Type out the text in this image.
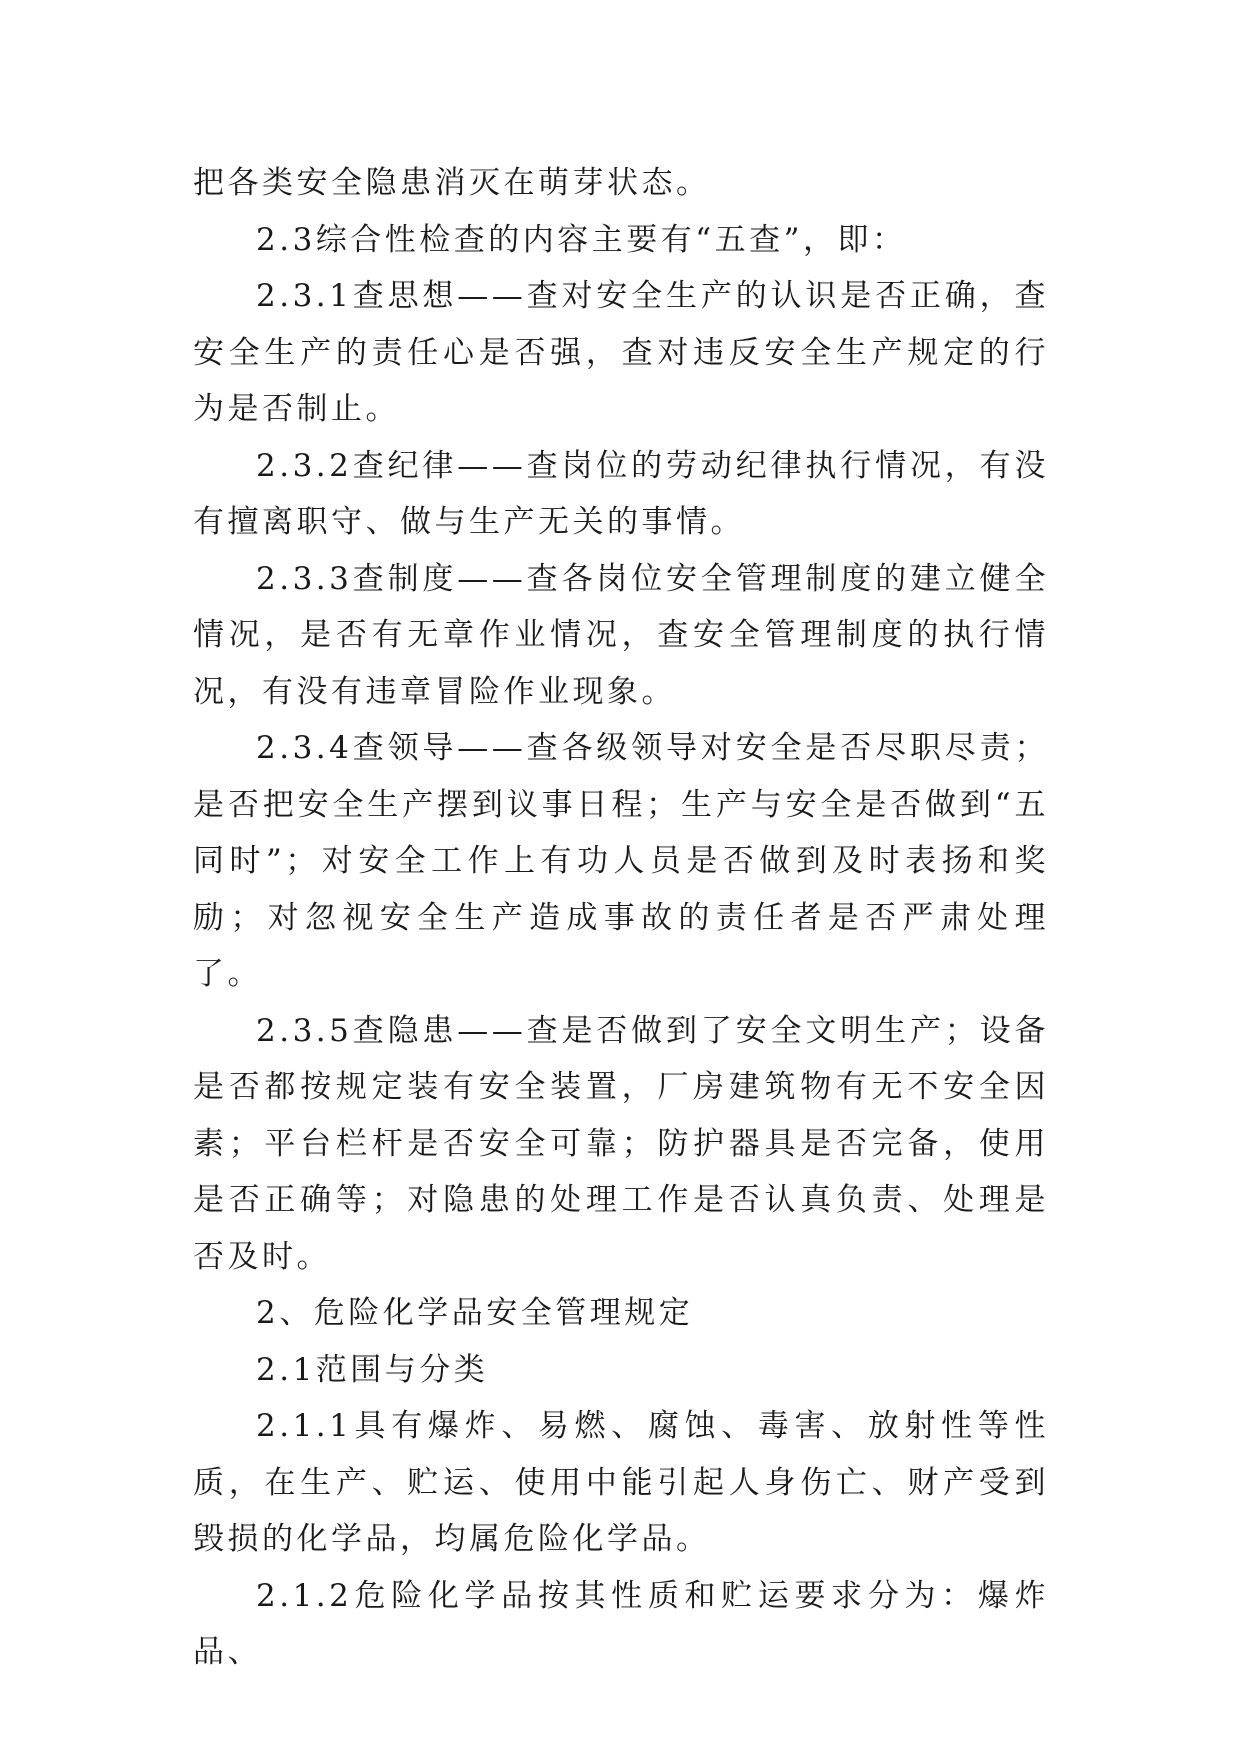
把各类安全隐患消灭在萌芽状态。

2.3综合性检查的内容主要有“五查”，即：

2.3.1查思想——查对安全生产的认识是否正确，查安全生产的责任心是否强，查对违反安全生产规定的行为是否制止。

2.3.2查纪律——查岗位的劳动纪律执行情况，有没有擅离职守、做与生产无关的事情。

2.3.3查制度——查各岗位安全管理制度的建立健全情况，是否有无章作业情况，查安全管理制度的执行情况，有没有违章冒险作业现象。

2.3.4查领导——查各级领导对安全是否尽职尽责；是否把安全生产摆到议事日程；生产与安全是否做到“五同时”；对安全工作上有功人员是否做到及时表扬和奖励；对忽视安全生产造成事故的责任者是否严肃处理了。

2.3.5查隐患——查是否做到了安全文明生产；设备是否都按规定装有安全装置，厂房建筑物有无不安全因素；平台栏杆是否安全可靠；防护器具是否完备，使用是否正确等；对隐患的处理工作是否认真负责、处理是否及时。

2、危险化学品安全管理规定

2.1范围与分类

2.1.1具有爆炸、易燃、腐蚀、毒害、放射性等性质，在生产、贮运、使用中能引起人身伤亡、财产受到毁损的化学品，均属危险化学品。

2.1.2危险化学品按其性质和贮运要求分为：爆炸品、
